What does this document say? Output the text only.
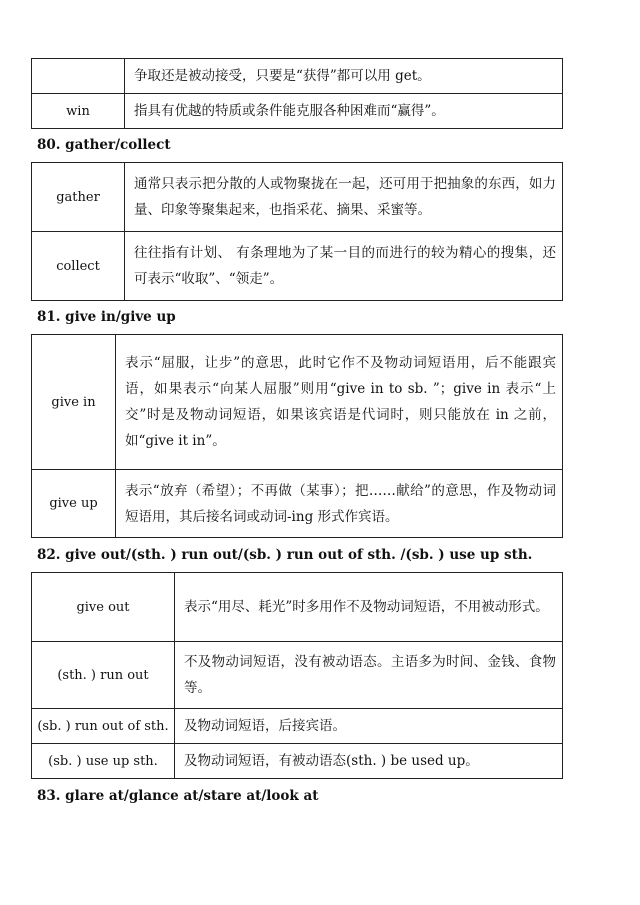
	争取还是被动接受，只要是“获得”都可以用 get。
win	指具有优越的特质或条件能克服各种困难而“赢得”。
80. gather/collect
gather	通常只表示把分散的人或物聚拢在一起，还可用于把抽象的东西，如力量、印象等聚集起来，也指采花、摘果、采蜜等。
collect	往往指有计划、 有条理地为了某一目的而进行的较为精心的搜集，还可表示“收取”、“领走”。
81. give in/give up
give in	表示“屈服，让步”的意思，此时它作不及物动词短语用，后不能跟宾语，如果表示“向某人屈服”则用“give in to sb. ”；give in 表示“上交”时是及物动词短语，如果该宾语是代词时，则只能放在 in 之前，如“give it in”。
give up	表示“放弃（希望）；不再做（某事）；把……献给”的意思，作及物动词短语用，其后接名词或动词-ing 形式作宾语。
82. give out/(sth. ) run out/(sb. ) run out of sth. /(sb. ) use up sth.
give out	表示“用尽、耗光”时多用作不及物动词短语，不用被动形式。
(sth. ) run out	不及物动词短语，没有被动语态。主语多为时间、金钱、食物等。
(sb. ) run out of sth.	及物动词短语，后接宾语。
(sb. ) use up sth.	及物动词短语，有被动语态(sth. ) be used up。
83. glare at/glance at/stare at/look at
